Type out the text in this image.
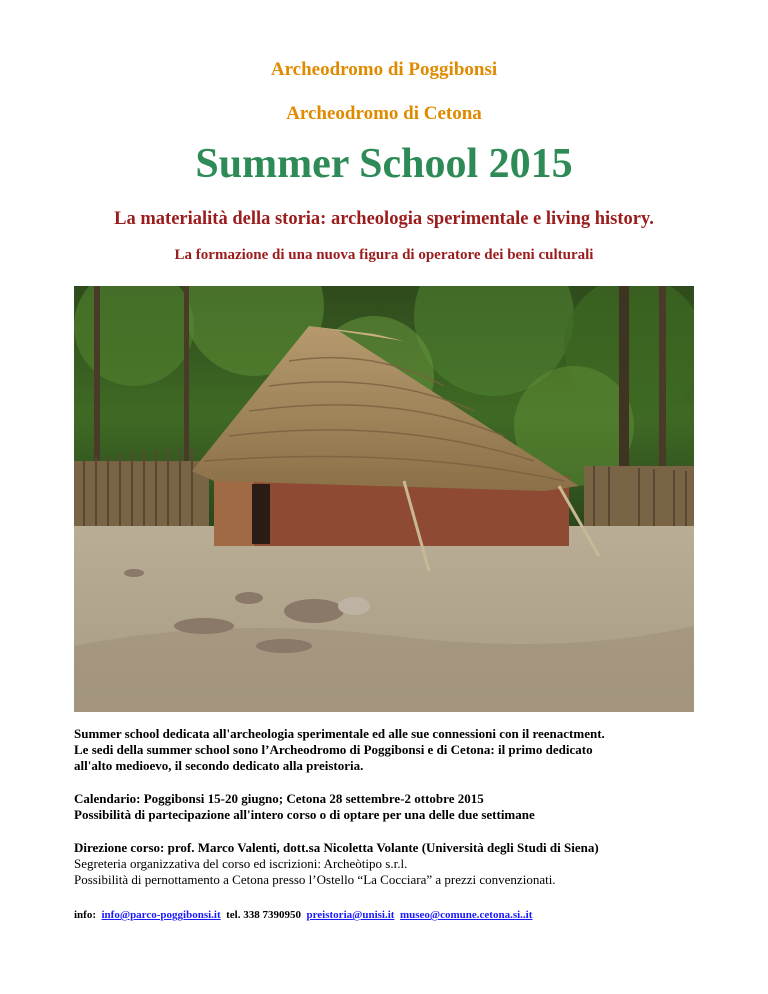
Archeodromo di Poggibonsi
Archeodromo di Cetona
Summer School 2015
La materialità della storia: archeologia sperimentale e living history.
La formazione di una nuova figura di operatore dei beni culturali
Summer school dedicata all'archeologia sperimentale ed alle sue connessioni con il reenactment.
Le sedi della summer school sono l’Archeodromo di Poggibonsi e di Cetona: il primo dedicato
all'alto medioevo, il secondo dedicato alla preistoria.
Calendario: Poggibonsi 15-20 giugno; Cetona 28 settembre-2 ottobre 2015
Possibilità di partecipazione all'intero corso o di optare per una delle due settimane
Direzione corso: prof. Marco Valenti, dott.sa Nicoletta Volante (Università degli Studi di Siena)
Segreteria organizzativa del corso ed iscrizioni: Archeòtipo s.r.l.
Possibilità di pernottamento a Cetona presso l’Ostello “La Cocciara” a prezzi convenzionati.
info: info@parco-poggibonsi.it tel. 338 7390950 preistoria@unisi.it museo@comune.cetona.si..it
